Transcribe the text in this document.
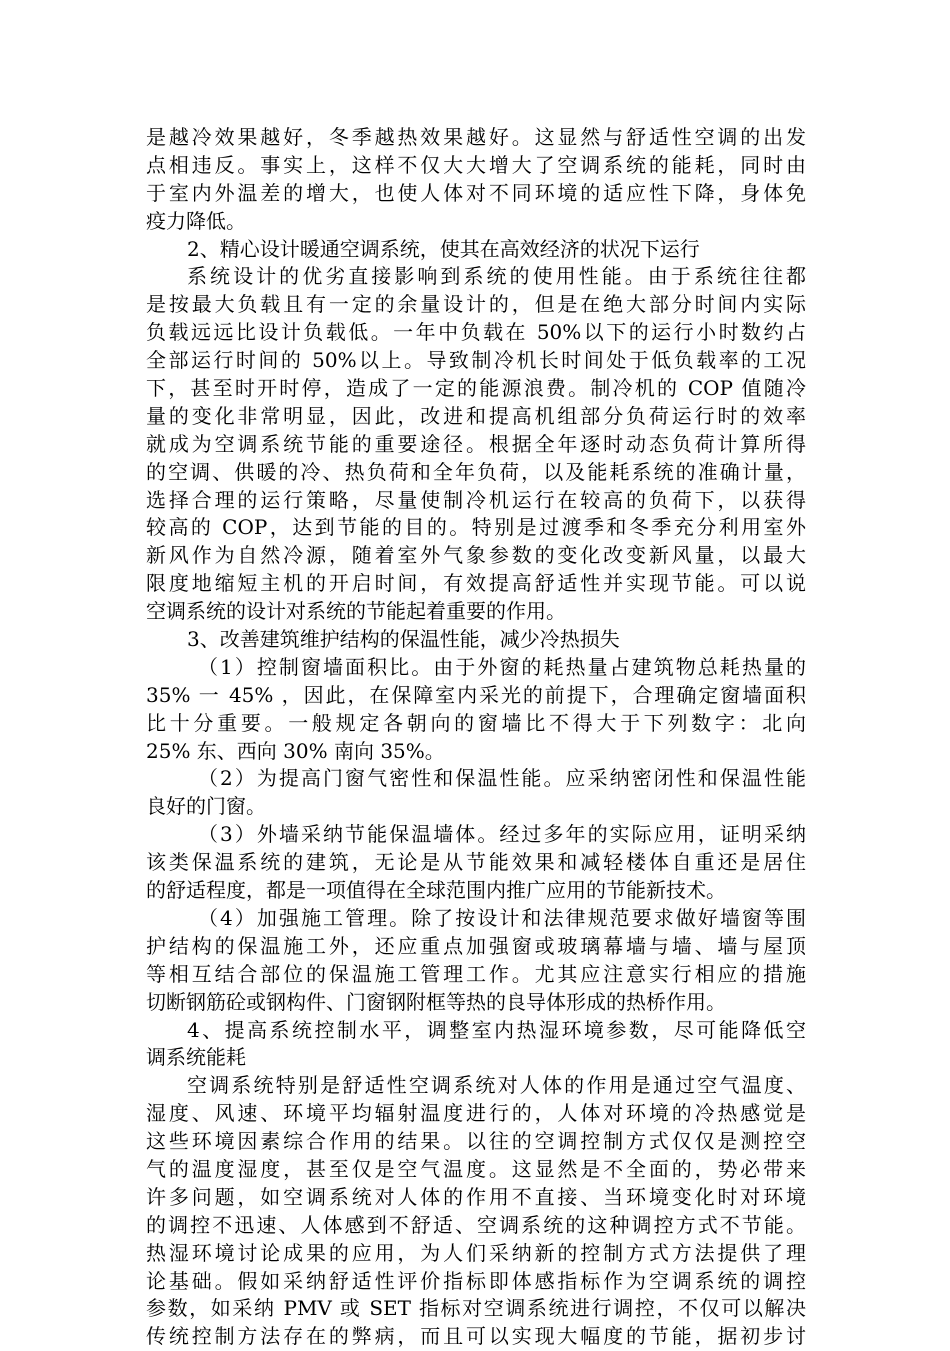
是越冷效果越好，冬季越热效果越好。这显然与舒适性空调的出发
点相违反。事实上，这样不仅大大增大了空调系统的能耗，同时由
于室内外温差的增大，也使人体对不同环境的适应性下降，身体免
疫力降低。
2、精心设计暖通空调系统，使其在高效经济的状况下运行
系统设计的优劣直接影响到系统的使用性能。由于系统往往都
是按最大负载且有一定的余量设计的，但是在绝大部分时间内实际
负载远远比设计负载低。一年中负载在 50%以下的运行小时数约占
全部运行时间的 50%以上。导致制冷机长时间处于低负载率的工况
下，甚至时开时停，造成了一定的能源浪费。制冷机的 COP 值随冷
量的变化非常明显，因此，改进和提高机组部分负荷运行时的效率
就成为空调系统节能的重要途径。根据全年逐时动态负荷计算所得
的空调、供暖的冷、热负荷和全年负荷，以及能耗系统的准确计量，
选择合理的运行策略，尽量使制冷机运行在较高的负荷下，以获得
较高的 COP，达到节能的目的。特别是过渡季和冬季充分利用室外
新风作为自然冷源，随着室外气象参数的变化改变新风量，以最大
限度地缩短主机的开启时间，有效提高舒适性并实现节能。可以说
空调系统的设计对系统的节能起着重要的作用。
3、改善建筑维护结构的保温性能，减少冷热损失
（1）控制窗墙面积比。由于外窗的耗热量占建筑物总耗热量的
35% 一 45% ，因此，在保障室内采光的前提下，合理确定窗墙面积
比十分重要。一般规定各朝向的窗墙比不得大于下列数字：北向
25% 东、西向 30% 南向 35%。
（2）为提高门窗气密性和保温性能。应采纳密闭性和保温性能
良好的门窗。
（3）外墙采纳节能保温墙体。经过多年的实际应用，证明采纳
该类保温系统的建筑，无论是从节能效果和减轻楼体自重还是居住
的舒适程度，都是一项值得在全球范围内推广应用的节能新技术。
（4）加强施工管理。除了按设计和法律规范要求做好墙窗等围
护结构的保温施工外，还应重点加强窗或玻璃幕墙与墙、墙与屋顶
等相互结合部位的保温施工管理工作。尤其应注意实行相应的措施
切断钢筋砼或钢构件、门窗钢附框等热的良导体形成的热桥作用。
4、提高系统控制水平，调整室内热湿环境参数，尽可能降低空
调系统能耗
空调系统特别是舒适性空调系统对人体的作用是通过空气温度、
湿度、风速、环境平均辐射温度进行的，人体对环境的冷热感觉是
这些环境因素综合作用的结果。以往的空调控制方式仅仅是测控空
气的温度湿度，甚至仅是空气温度。这显然是不全面的，势必带来
许多问题，如空调系统对人体的作用不直接、当环境变化时对环境
的调控不迅速、人体感到不舒适、空调系统的这种调控方式不节能。
热湿环境讨论成果的应用，为人们采纳新的控制方式方法提供了理
论基础。假如采纳舒适性评价指标即体感指标作为空调系统的调控
参数，如采纳 PMV 或 SET 指标对空调系统进行调控，不仅可以解决
传统控制方法存在的弊病，而且可以实现大幅度的节能，据初步讨
